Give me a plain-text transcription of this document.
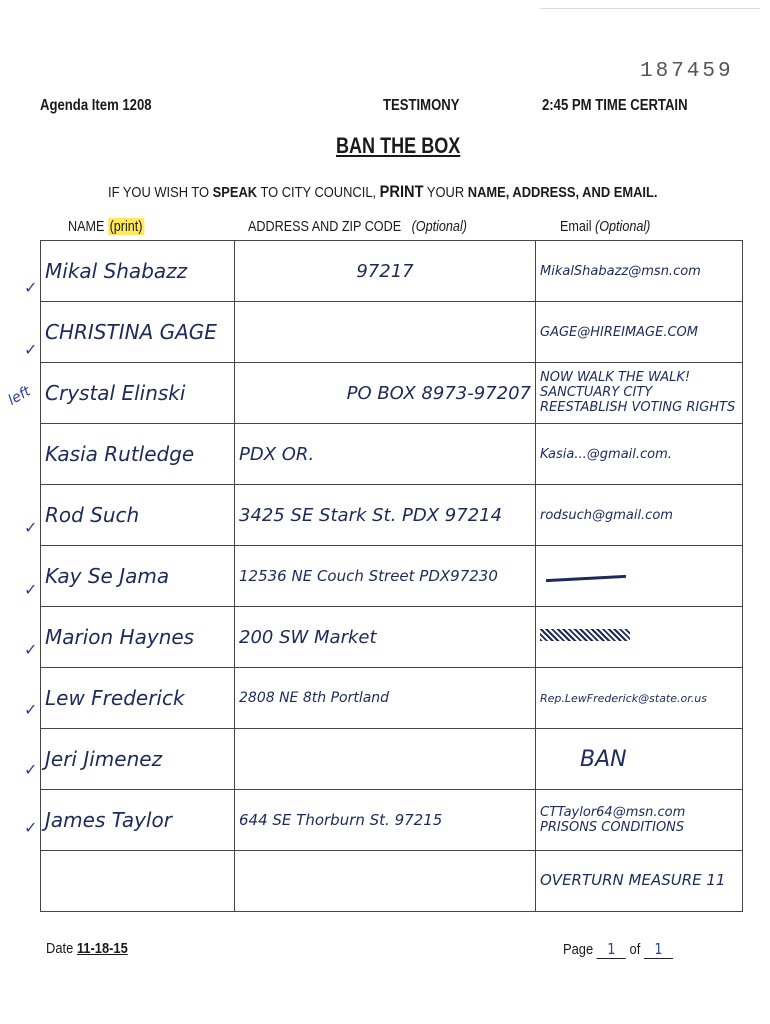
187459
Agenda Item 1208	TESTIMONY	2:45 PM TIME CERTAIN
BAN THE BOX
IF YOU WISH TO SPEAK TO CITY COUNCIL, PRINT YOUR NAME, ADDRESS, AND EMAIL.
NAME (print)	ADDRESS AND ZIP CODE (Optional)	Email (Optional)
left
Mikal Shabazz	97217	MikalShabazz@msn.com
CHRISTINA GAGE		GAGE@HIREIMAGE.COM
Crystal Elinski	PO BOX 8973-97207	NOW WALK THE WALK! SANCTUARY CITY REESTABLISH VOTING RIGHTS
Kasia Rutledge	PDX OR.	Kasia...@gmail.com.
Rod Such	3425 SE Stark St. PDX 97214	rodsuch@gmail.com
Kay Se Jama	12536 NE Couch Street PDX97230	
Marion Haynes	200 SW Market	
Lew Frederick	2808 NE 8th Portland	Rep.LewFrederick@state.or.us
Jeri Jimenez		BAN
James Taylor	644 SE Thorburn St. 97215	CTTaylor64@msn.com PRISONS CONDITIONS
		OVERTURN MEASURE 11
✓
✓
✓
✓
✓
✓
✓
✓
Date 11-18-15	Page 1 of 1
